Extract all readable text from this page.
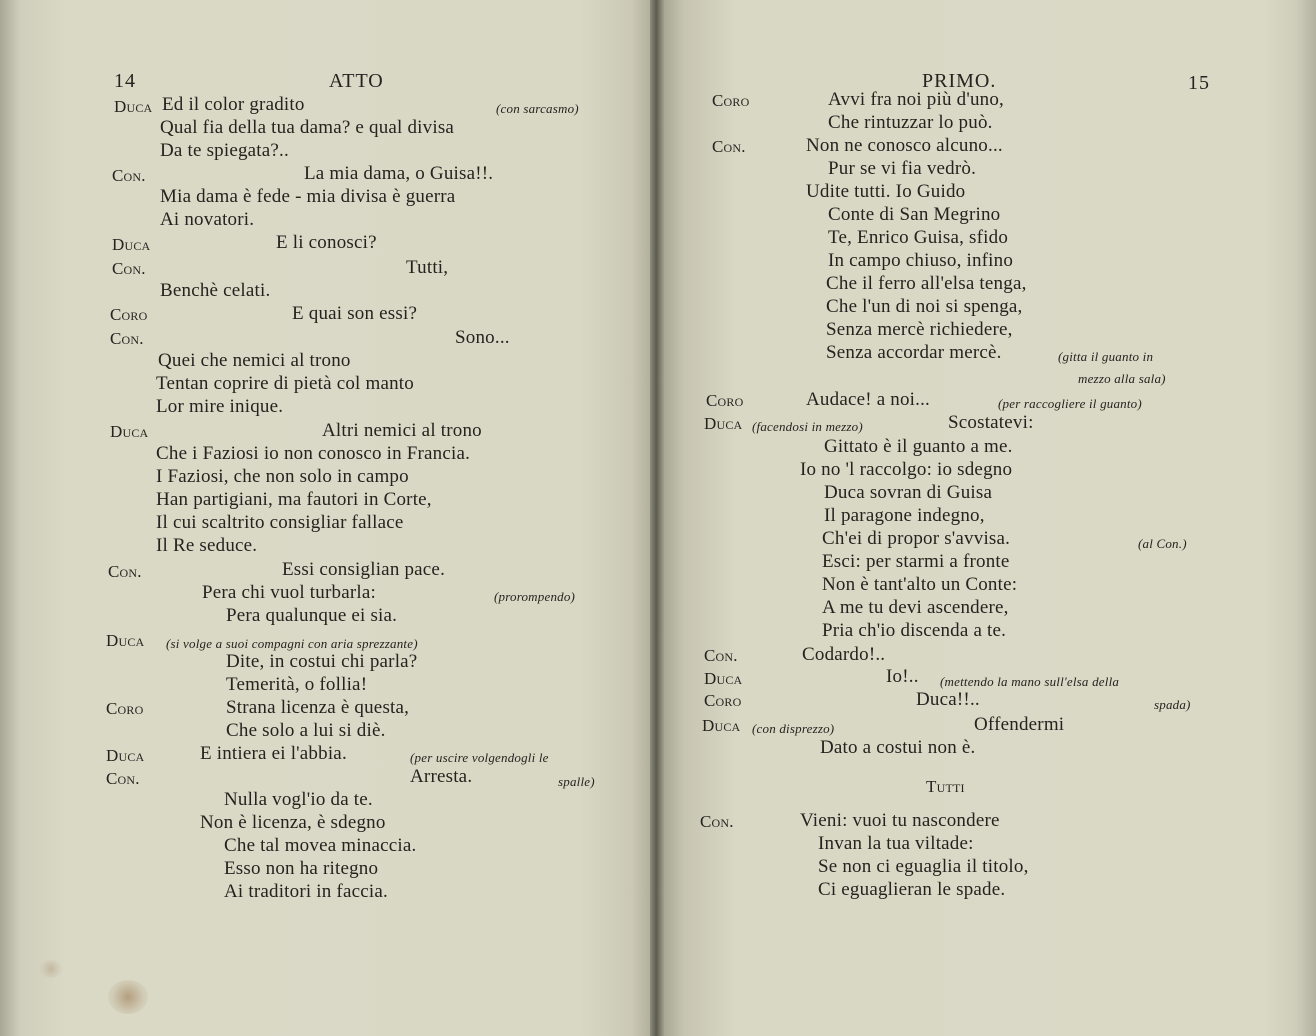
14	ATTO
Duca Ed il color gradito	(con sarcasmo)
Qual fia della tua dama? e qual divisa
Da te spiegata?..
Con.	La mia dama, o Guisa!!.
Mia dama è fede - mia divisa è guerra
Ai novatori.
Duca	E li conosci?
Con.	Tutti,
Benchè celati.
Coro	E quai son essi?
Con.	Sono...
Quei che nemici al trono
Tentan coprire di pietà col manto
Lor mire inique.
Duca	Altri nemici al trono
Che i Faziosi io non conosco in Francia.
I Faziosi, che non solo in campo
Han partigiani, ma fautori in Corte,
Il cui scaltrito consigliar fallace
Il Re seduce.
Con.	Essi consiglian pace.
Pera chi vuol turbarla:	(prorompendo)
Pera qualunque ei sia.
Duca (si volge a suoi compagni con aria sprezzante)
Dite, in costui chi parla?
Temerità, o follia!
Coro	Strana licenza è questa,
Che solo a lui si diè.
Duca	E intiera ei l'abbia.	(per uscire volgendogli le
Con.	Arresta.	spalle)
Nulla vogl'io da te.
Non è licenza, è sdegno
Che tal movea minaccia.
Esso non ha ritegno
Ai traditori in faccia.
PRIMO.	15
Coro	Avvi fra noi più d'uno,
Che rintuzzar lo può.
Con.	Non ne conosco alcuno...
Pur se vi fia vedrò.
Udite tutti. Io Guido
Conte di San Megrino
Te, Enrico Guisa, sfido
In campo chiuso, infino
Che il ferro all'elsa tenga,
Che l'un di noi si spenga,
Senza mercè richiedere,
Senza accordar mercè.	(gitta il guanto in
mezzo alla sala)
Coro	Audace! a noi...	(per raccogliere il guanto)
Duca (facendosi in mezzo)	Scostatevi:
Gittato è il guanto a me.
Io no 'l raccolgo: io sdegno
Duca sovran di Guisa
Il paragone indegno,
Ch'ei di propor s'avvisa.	(al Con.)
Esci: per starmi a fronte
Non è tant'alto un Conte:
A me tu devi ascendere,
Pria ch'io discenda a te.
Con.	Codardo!..
Duca	Io!.. (mettendo la mano sull'elsa della
Coro	Duca!!..	spada)
Duca (con disprezzo)	Offendermi
Dato a costui non è.
Tutti
Con.	Vieni: vuoi tu nascondere
Invan la tua viltade:
Se non ci eguaglia il titolo,
Ci eguaglieran le spade.
